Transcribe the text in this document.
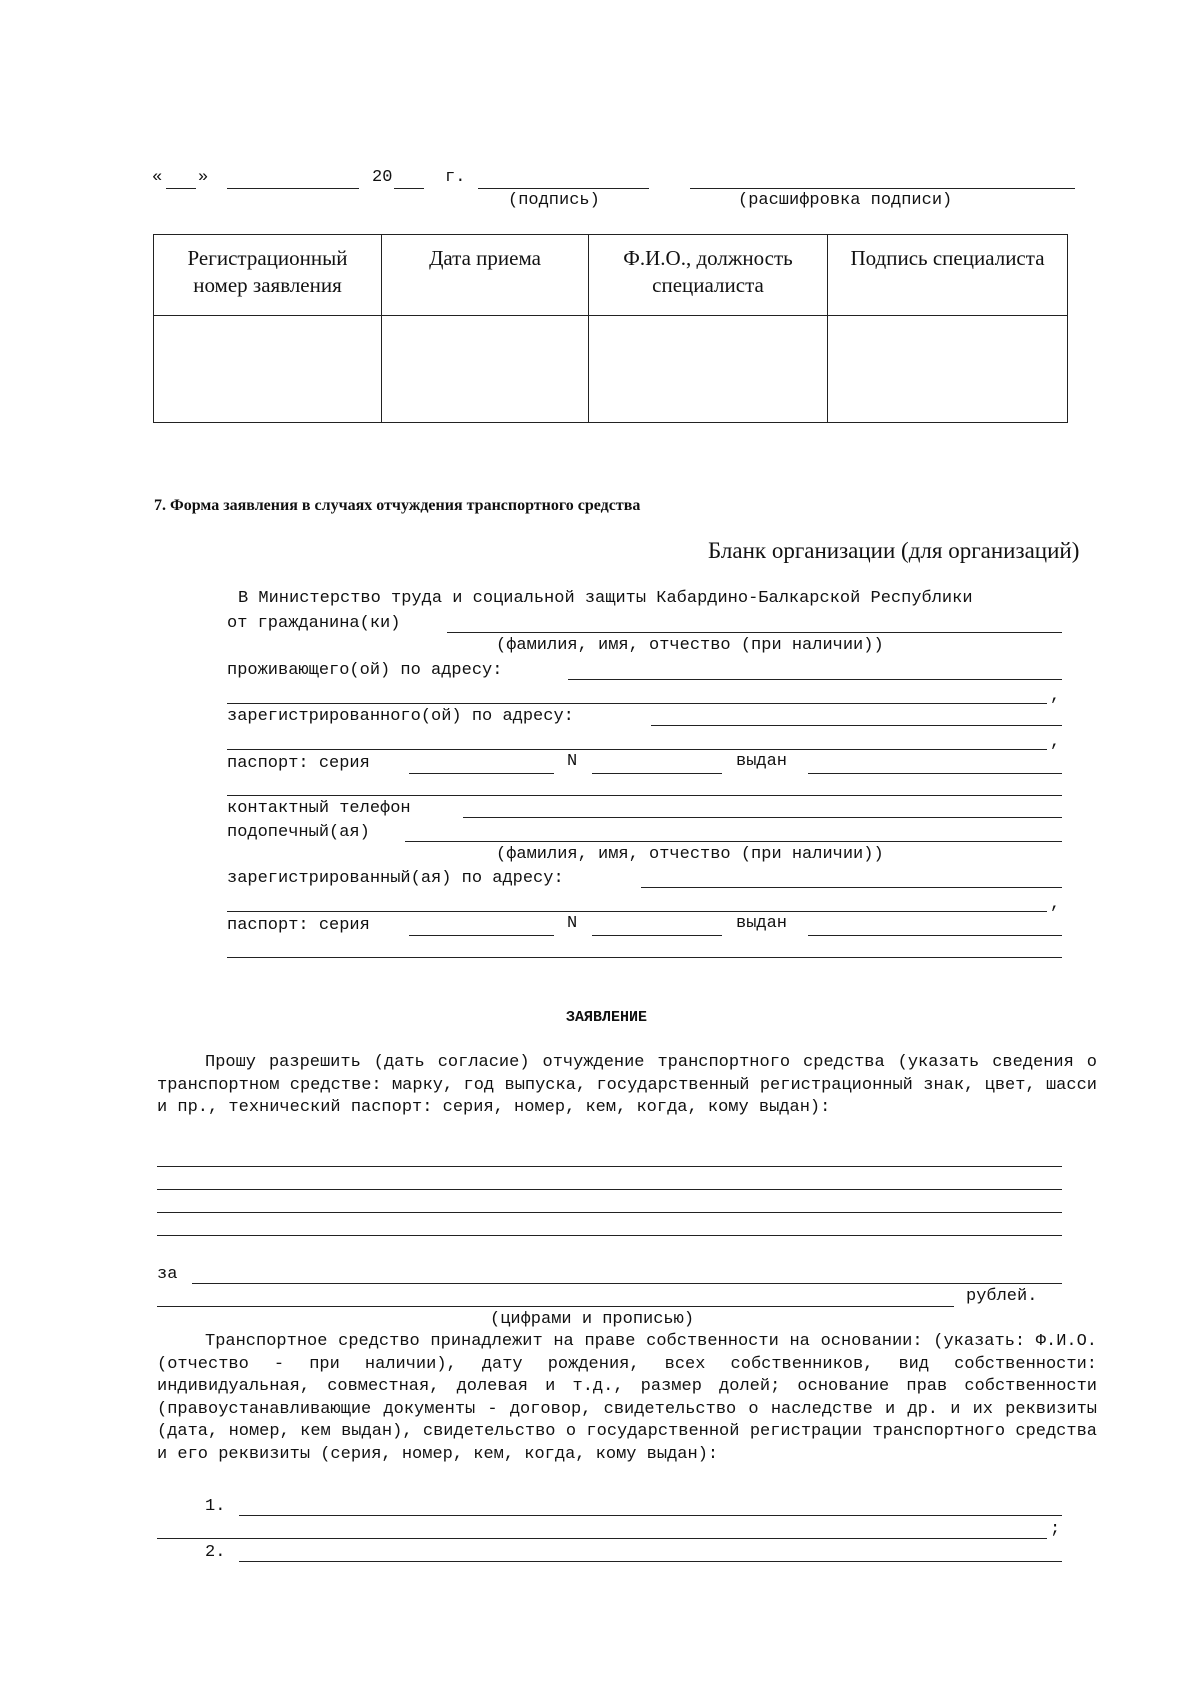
« »	20	г.
(подпись)	(расшифровка подписи)
Регистрационный номер заявления	Дата приема	Ф.И.О., должность специалиста	Подпись специалиста

7. Форма заявления в случаях отчуждения транспортного средства
Бланк организации (для организаций)
В Министерство труда и социальной защиты Кабардино-Балкарской Республики
от гражданина(ки)
(фамилия, имя, отчество (при наличии))
проживающего(ой) по адресу:
,
зарегистрированного(ой) по адресу:
,
паспорт: серия	N	выдан
контактный телефон
подопечный(ая)
(фамилия, имя, отчество (при наличии))
зарегистрированный(ая) по адресу:
,
паспорт: серия	N	выдан
ЗАЯВЛЕНИЕ
Прошу разрешить (дать согласие) отчуждение транспортного средства (указать сведения о транспортном средстве: марку, год выпуска, государственный регистрационный знак, цвет, шасси и пр., технический паспорт: серия, номер, кем, когда, кому выдан):
за
рублей.
(цифрами и прописью)
Транспортное средство принадлежит на праве собственности на основании: (указать: Ф.И.О. (отчество - при наличии), дату рождения, всех собственников, вид собственности: индивидуальная, совместная, долевая и т.д., размер долей; основание прав собственности (правоустанавливающие документы - договор, свидетельство о наследстве и др. и их реквизиты (дата, номер, кем выдан), свидетельство о государственной регистрации транспортного средства и его реквизиты (серия, номер, кем, когда, кому выдан):
1.
;
2.
